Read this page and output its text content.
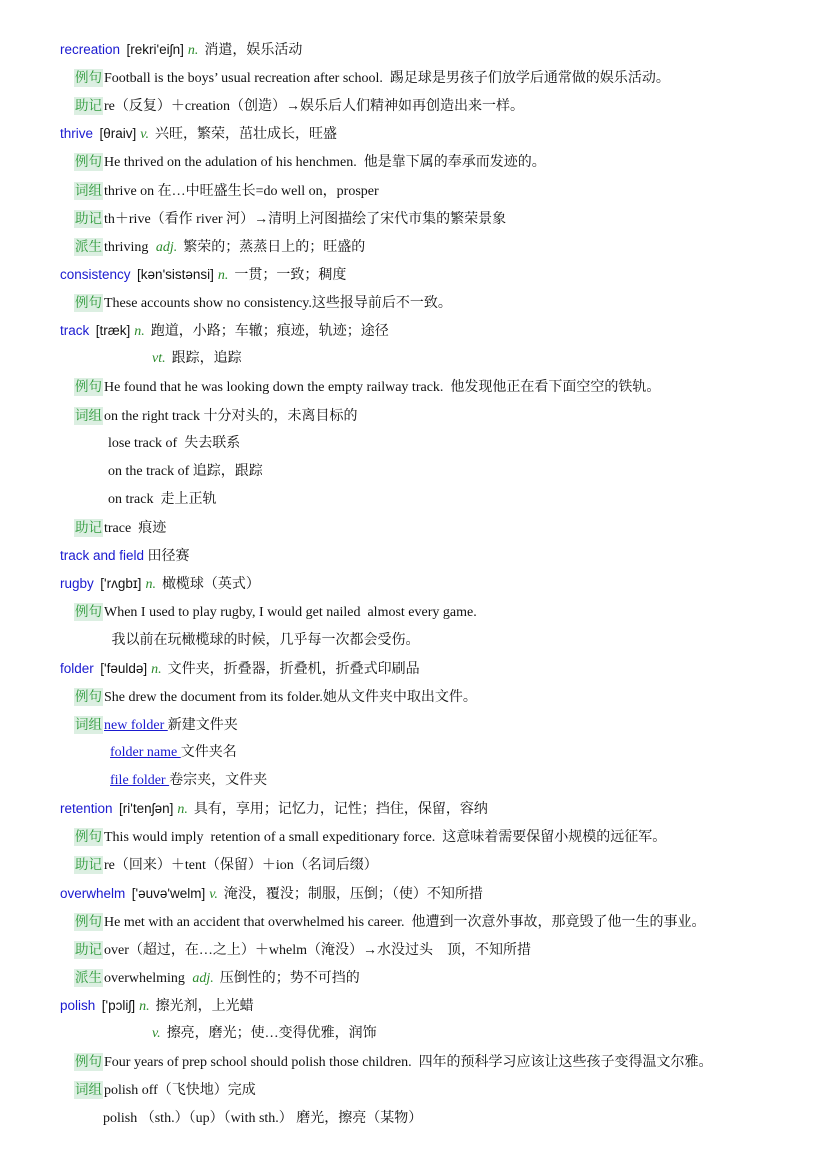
recreation [rekri'eiʃn] n. 消遣，娱乐活动
例句 Football is the boys’ usual recreation after school.  踢足球是男孩子们放学后通常做的娱乐活动。
助记 re（反复）＋creation（创造）→娱乐后人们精神如再创造出来一样。
thrive [θraiv] v. 兴旺，繁荣，茁壮成长，旺盛
例句 He thrived on the adulation of his henchmen.  他是靠下属的奉承而发迹的。
词组 thrive on 在…中旺盛生长=do well on，prosper
助记 th＋rive（看作 river 河）→清明上河图描绘了宋代市集的繁荣景象
派生 thriving adj. 繁荣的；蒸蒸日上的；旺盛的
consistency [kən'sistənsi] n. 一贯；一致；稠度
例句 These accounts show no consistency.这些报导前后不一致。
track [træk] n. 跑道，小路；车辙；痕迹，轨迹；途径
vt. 跟踪，追踪
例句 He found that he was looking down the empty railway track.  他发现他正在看下面空空的铁轨。
词组 on the right track 十分对头的，未离目标的
lose track of  失去联系
on the track of 追踪，跟踪
on track  走上正轨
助记 trace  痕迹
track and field 田径赛
rugby ['rʌgbɪ] n. 橄榄球（英式）
例句 When I used to play rugby, I would get nailed  almost every game.
我以前在玩橄榄球的时候，几乎每一次都会受伤。
folder ['fəuldə] n. 文件夹，折叠器，折叠机，折叠式印刷品
例句 She drew the document from its folder.她从文件夹中取出文件。
词组 new folder 新建文件夹
folder name 文件夹名
file folder 卷宗夹，文件夹
retention [ri'tenʃən] n. 具有，享用；记忆力，记性；挡住，保留，容纳
例句 This would imply  retention of a small expeditionary force.  这意味着需要保留小规模的远征军。
助记 re（回来）＋tent（保留）＋ion（名词后缀）
overwhelm ['əuvə'welm] v. 淹没，覆没；制服，压倒；（使）不知所措
例句 He met with an accident that overwhelmed his career.  他遭到一次意外事故，那竟毁了他一生的事业。
助记 over（超过，在…之上）＋whelm（淹没）→水没过头　顶，不知所措
派生 overwhelming adj. 压倒性的；势不可挡的
polish ['pɔliʃ] n. 擦光剂，上光蜡
v. 擦亮，磨光；使…变得优雅，润饰
例句 Four years of prep school should polish those children.  四年的预科学习应该让这些孩子变得温文尔雅。
词组 polish off（飞快地）完成
polish （sth.）（up）（with sth.） 磨光，擦亮（某物）
